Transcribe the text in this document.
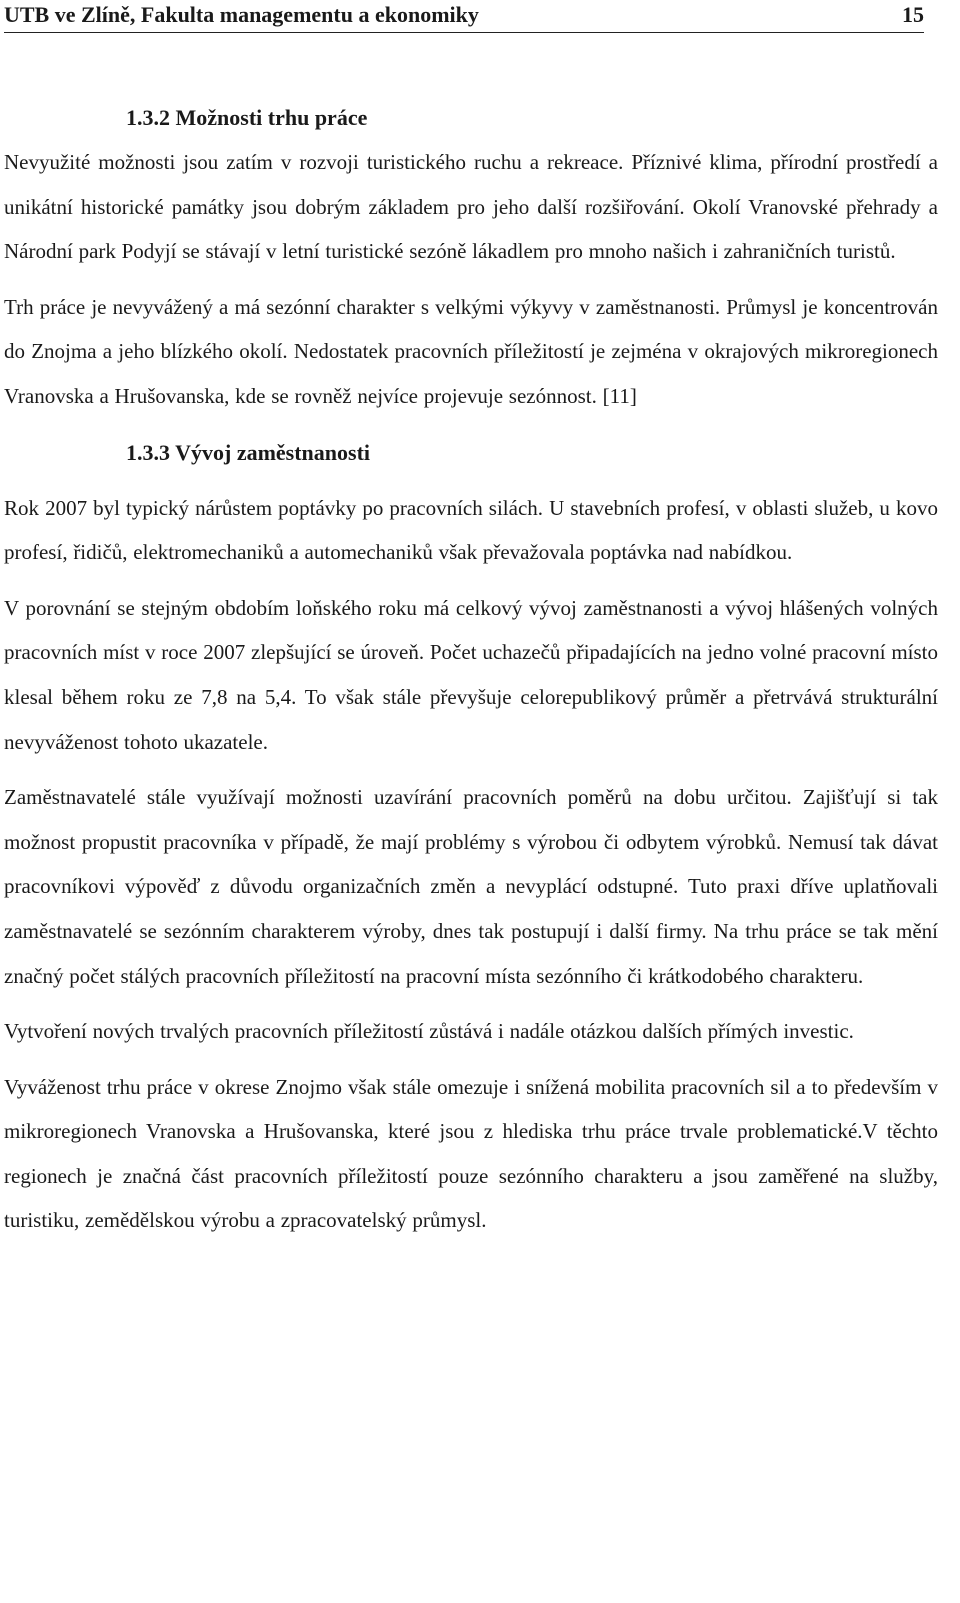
UTB ve Zlíně, Fakulta managementu a ekonomiky	15
1.3.2 Možnosti trhu práce

Nevyužité možnosti jsou zatím v rozvoji turistického ruchu a rekreace. Příznivé klima, přírodní prostředí a unikátní historické památky jsou dobrým základem pro jeho další rozšiřování. Okolí Vranovské přehrady a Národní park Podyjí se stávají v letní turistické sezóně lákadlem pro mnoho našich i zahraničních turistů.

Trh práce je nevyvážený a má sezónní charakter s velkými výkyvy v zaměstnanosti. Průmysl je koncentrován do Znojma a jeho blízkého okolí. Nedostatek pracovních příležitostí je zejména v okrajových mikroregionech Vranovska a Hrušovanska, kde se rovněž nejvíce projevuje sezónnost. [11]

1.3.3 Vývoj zaměstnanosti

Rok 2007 byl typický nárůstem poptávky po pracovních silách. U stavebních profesí, v oblasti služeb, u kovo profesí, řidičů, elektromechaniků a automechaniků však převažovala poptávka nad nabídkou.

V porovnání se stejným obdobím loňského roku má celkový vývoj zaměstnanosti a vývoj hlášených volných pracovních míst v roce 2007 zlepšující se úroveň. Počet uchazečů připadajících na jedno volné pracovní místo klesal během roku ze 7,8 na 5,4. To však stále převyšuje celorepublikový průměr a přetrvává strukturální nevyváženost tohoto ukazatele.

Zaměstnavatelé stále využívají možnosti uzavírání pracovních poměrů na dobu určitou. Zajišťují si tak možnost propustit pracovníka v případě, že mají problémy s výrobou či odbytem výrobků. Nemusí tak dávat pracovníkovi výpověď z důvodu organizačních změn a nevyplácí odstupné. Tuto praxi dříve uplatňovali zaměstnavatelé se sezónním charakterem výroby, dnes tak postupují i další firmy. Na trhu práce se tak mění značný počet stálých pracovních příležitostí na pracovní místa sezónního či krátkodobého charakteru.

Vytvoření nových trvalých pracovních příležitostí zůstává i nadále otázkou dalších přímých investic.

Vyváženost trhu práce v okrese Znojmo však stále omezuje i snížená mobilita pracovních sil a to především v mikroregionech Vranovska a Hrušovanska, které jsou z hlediska trhu práce trvale problematické.V těchto regionech je značná část pracovních příležitostí pouze sezónního charakteru a jsou zaměřené na služby, turistiku, zemědělskou výrobu a zpracovatelský průmysl.
